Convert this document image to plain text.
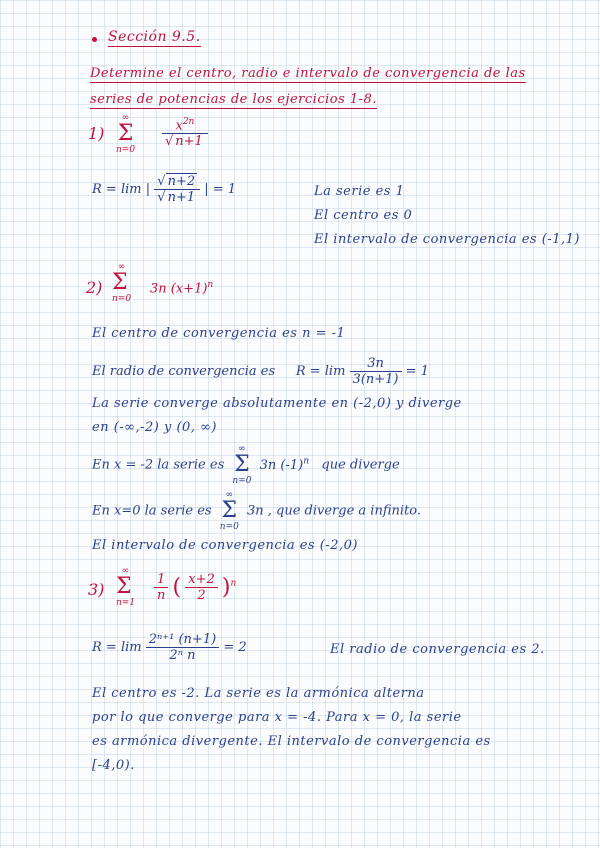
Sección 9.5.
Determine el centro, radio e intervalo de convergencia de las
series de potencias de los ejercicios 1-8.
1)
∞
Σ
n=0
$\frac{x^{2n}}{√ n+1}$
R = lim | $\frac{√ n+2}{√ n+1}$ | = 1	La serie es 1
El centro es 0
El intervalo de convergencia es (-1,1)
2)
∞
Σ
n=0
3n $(x+1)^n$
El centro de convergencia es n = -1
El radio de convergencia es $R = \lim \frac{3n}{3(n+1)} = 1$
La serie converge absolutamente en (-2,0) y diverge
en (-∞,-2) y (0, ∞)
En x = -2 la serie es
∞
Σ
n=0
3n $(-1)^n$ que diverge
En x=0 la serie es
∞
Σ
n=0
3n , que diverge a infinito.
El intervalo de convergencia es (-2,0)
3)
∞
Σ
$n=1 \frac{1}{n}$ ( $\frac{x+2}{2} )^n$
$R = \lim \frac{\text{2ⁿ⁺¹ (n+1)}}{\text{2ⁿ n}} = 2$	El radio de convergencia es 2.
El centro es -2. La serie es la armónica alterna
por lo que converge para x = -4. Para x = 0, la serie
es armónica divergente. El intervalo de convergencia es
[-4,0).
